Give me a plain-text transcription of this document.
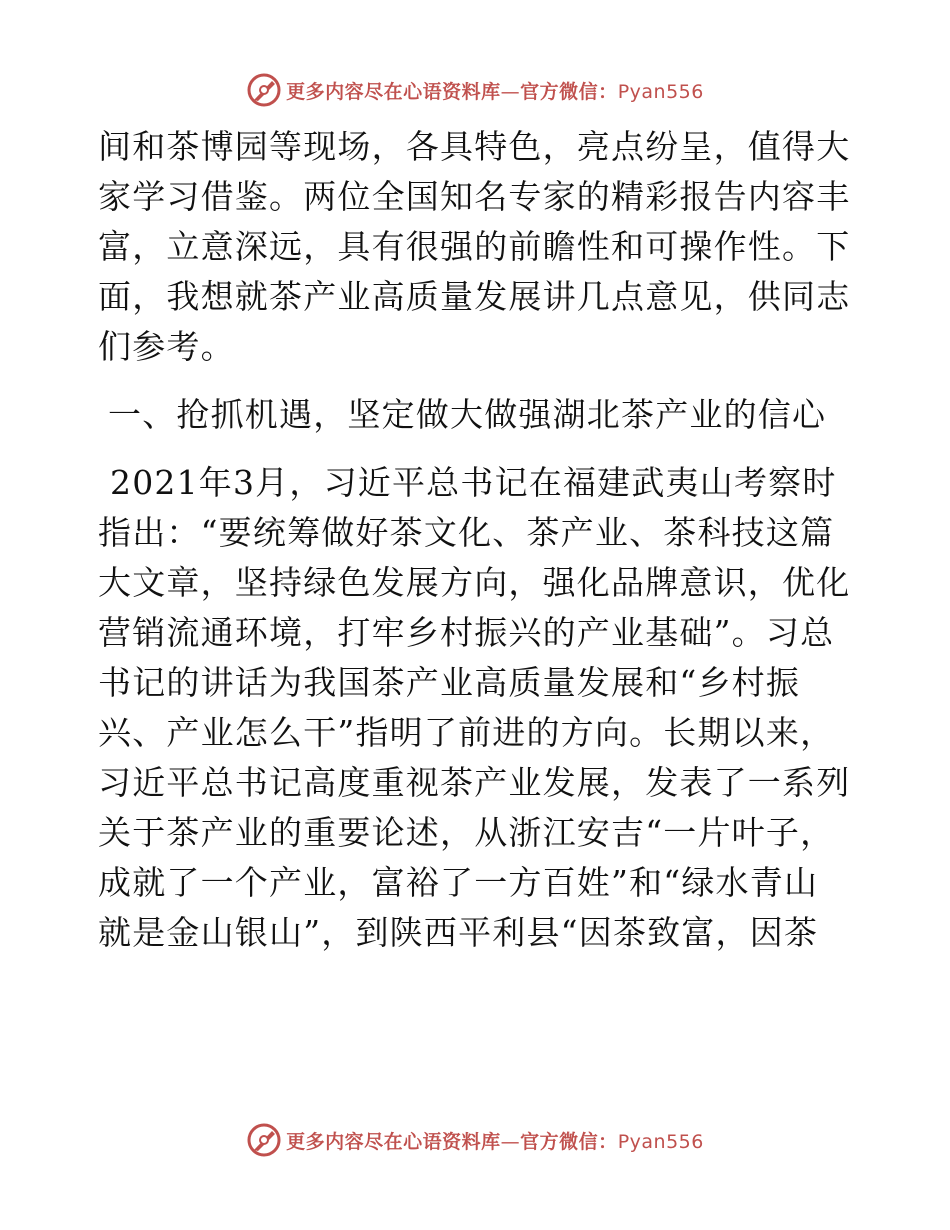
更多内容尽在心语资料库—官方微信：Pyan556
间和茶博园等现场，各具特色，亮点纷呈，值得大
家学习借鉴。两位全国知名专家的精彩报告内容丰
富，立意深远，具有很强的前瞻性和可操作性。下
面，我想就茶产业高质量发展讲几点意见，供同志
们参考。
一、抢抓机遇，坚定做大做强湖北茶产业的信心
2021年3月，习近平总书记在福建武夷山考察时
指出：“要统筹做好茶文化、茶产业、茶科技这篇
大文章，坚持绿色发展方向，强化品牌意识，优化
营销流通环境，打牢乡村振兴的产业基础”。习总
书记的讲话为我国茶产业高质量发展和“乡村振
兴、产业怎么干”指明了前进的方向。长期以来，
习近平总书记高度重视茶产业发展，发表了一系列
关于茶产业的重要论述，从浙江安吉“一片叶子，
成就了一个产业，富裕了一方百姓”和“绿水青山
就是金山银山”，到陕西平利县“因茶致富，因茶
更多内容尽在心语资料库—官方微信：Pyan556
